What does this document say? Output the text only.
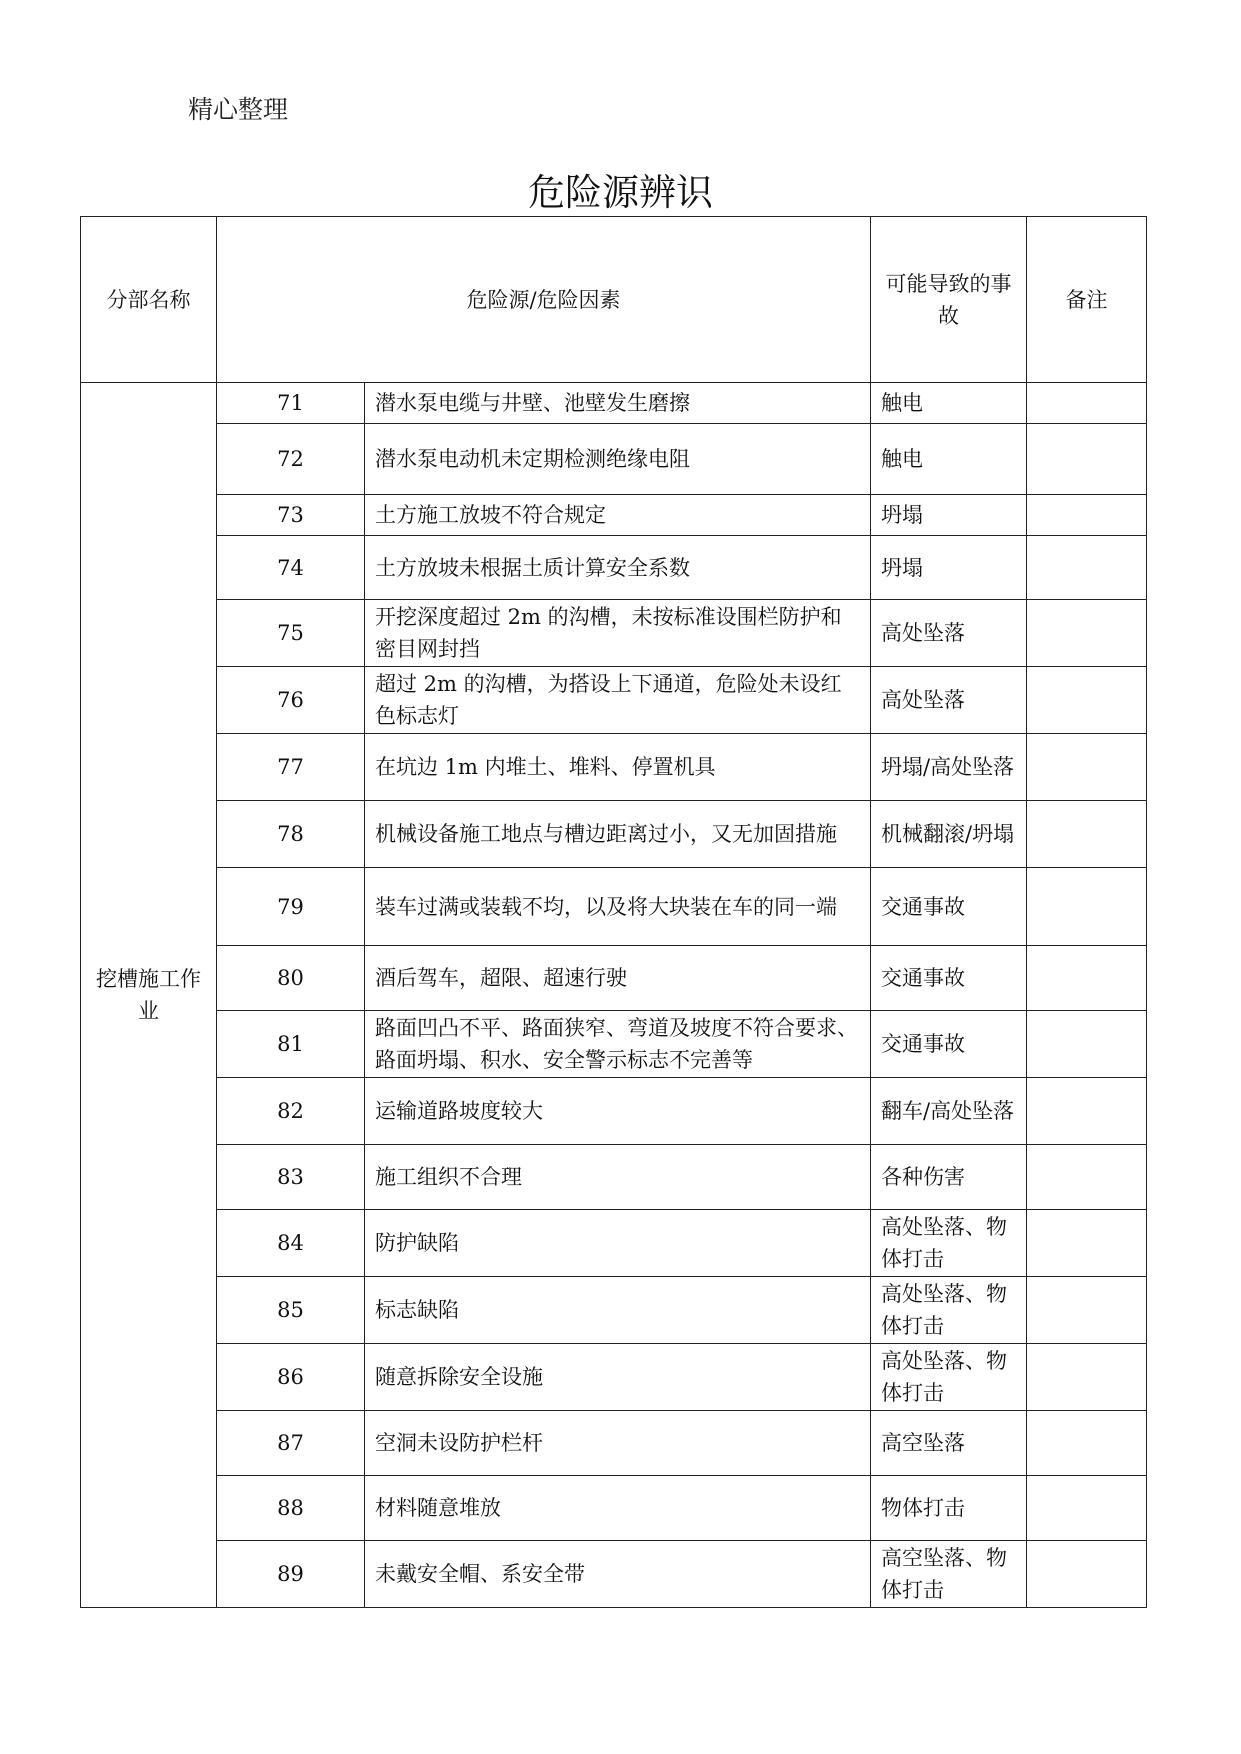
精心整理
危险源辨识
分部名称	危险源/危险因素		可能导致的事故	备注
挖槽施工作业	71	潜水泵电缆与井壁、池壁发生磨擦	触电	
	72	潜水泵电动机未定期检测绝缘电阻	触电	
	73	土方施工放坡不符合规定	坍塌	
	74	土方放坡未根据土质计算安全系数	坍塌	
	75	开挖深度超过 2m 的沟槽，未按标准设围栏防护和密目网封挡	高处坠落	
	76	超过 2m 的沟槽，为搭设上下通道，危险处未设红色标志灯	高处坠落	
	77	在坑边 1m 内堆土、堆料、停置机具	坍塌/高处坠落	
	78	机械设备施工地点与槽边距离过小，又无加固措施	机械翻滚/坍塌	
	79	装车过满或装载不均，以及将大块装在车的同一端	交通事故	
	80	酒后驾车，超限、超速行驶	交通事故	
	81	路面凹凸不平、路面狭窄、弯道及坡度不符合要求、路面坍塌、积水、安全警示标志不完善等	交通事故	
	82	运输道路坡度较大	翻车/高处坠落	
	83	施工组织不合理	各种伤害	
	84	防护缺陷	高处坠落、物体打击	
	85	标志缺陷	高处坠落、物体打击	
	86	随意拆除安全设施	高处坠落、物体打击	
	87	空洞未设防护栏杆	高空坠落	
	88	材料随意堆放	物体打击	
	89	未戴安全帽、系安全带	高空坠落、物体打击	
